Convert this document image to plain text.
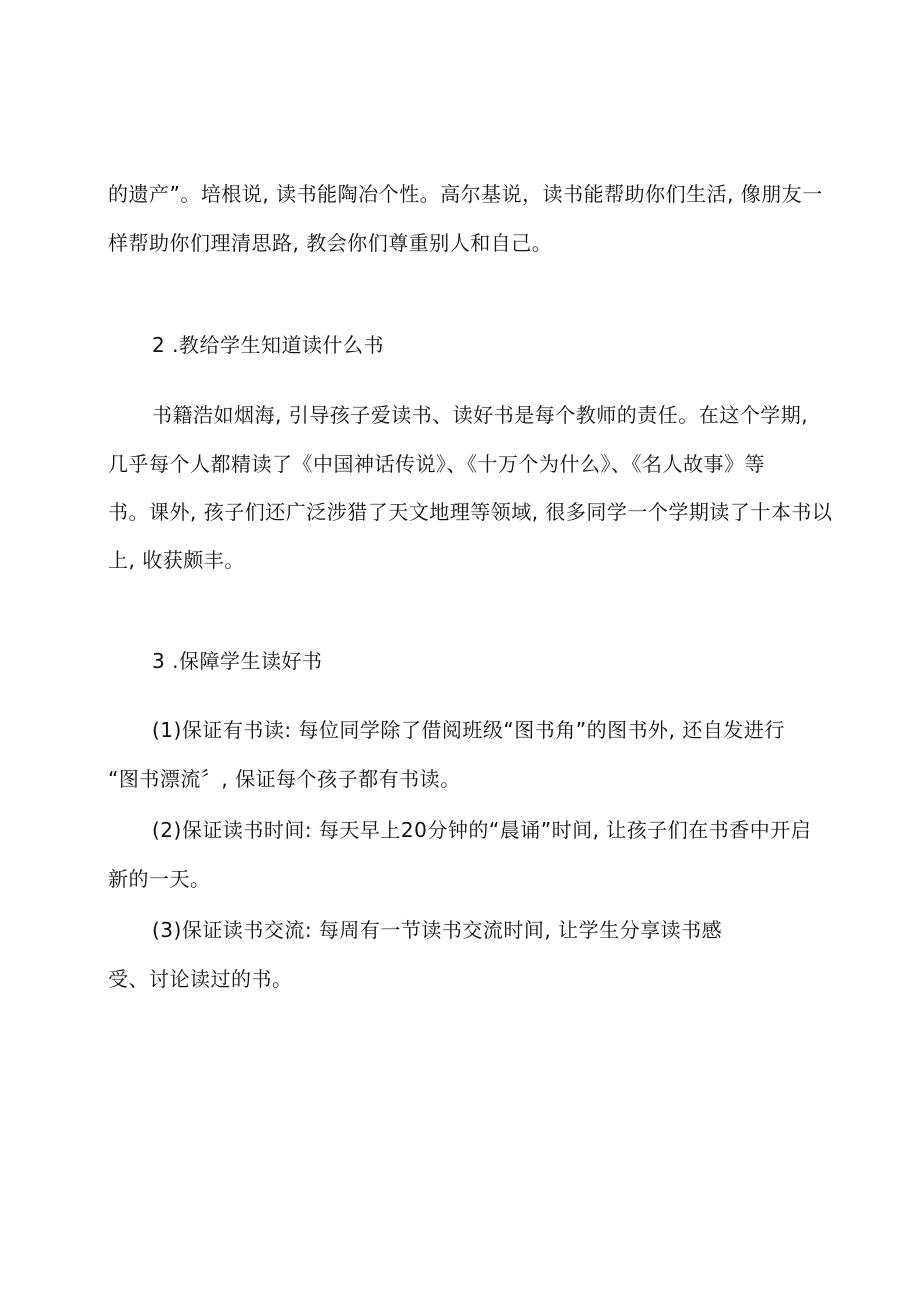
的遗产”。培根说, 读书能陶冶个性。高尔基说，读书能帮助你们生活, 像朋友一
样帮助你们理清思路, 教会你们尊重别人和自己。
2 .教给学生知道读什么书
书籍浩如烟海, 引导孩子爱读书、读好书是每个教师的责任。在这个学期,
几乎每个人都精读了《中国神话传说》、《十万个为什么》、《名人故事》等
书。课外, 孩子们还广泛涉猎了天文地理等领域, 很多同学一个学期读了十本书以
上, 收获颇丰。
3 .保障学生读好书
(1)保证有书读: 每位同学除了借阅班级“图书角”的图书外, 还自发进行
“图书漂流〞, 保证每个孩子都有书读。
(2)保证读书时间: 每天早上20分钟的“晨诵”时间, 让孩子们在书香中开启
新的一天。
(3)保证读书交流: 每周有一节读书交流时间, 让学生分享读书感
受、讨论读过的书。
